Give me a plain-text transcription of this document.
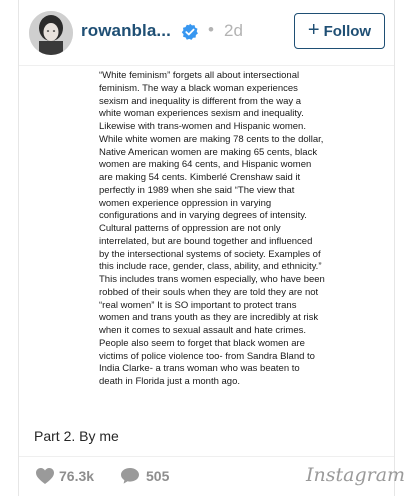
rowanbla... • 2d	+ Follow

“White feminism” forgets all about intersectional feminism. The way a black woman experiences sexism and inequality is different from the way a white woman experiences sexism and inequality. Likewise with trans-women and Hispanic women. While white women are making 78 cents to the dollar, Native American women are making 65 cents, black women are making 64 cents, and Hispanic women are making 54 cents. Kimberlé Crenshaw said it perfectly in 1989 when she said “The view that women experience oppression in varying configurations and in varying degrees of intensity. Cultural patterns of oppression are not only interrelated, but are bound together and influenced by the intersectional systems of society. Examples of this include race, gender, class, ability, and ethnicity.” This includes trans women especially, who have been robbed of their souls when they are told they are not “real women” It is SO important to protect trans women and trans youth as they are incredibly at risk when it comes to sexual assault and hate crimes. People also seem to forget that black women are victims of police violence too- from Sandra Bland to India Clarke- a trans woman who was beaten to death in Florida just a month ago.

Part 2. By me
76.3k	505	Instagram
